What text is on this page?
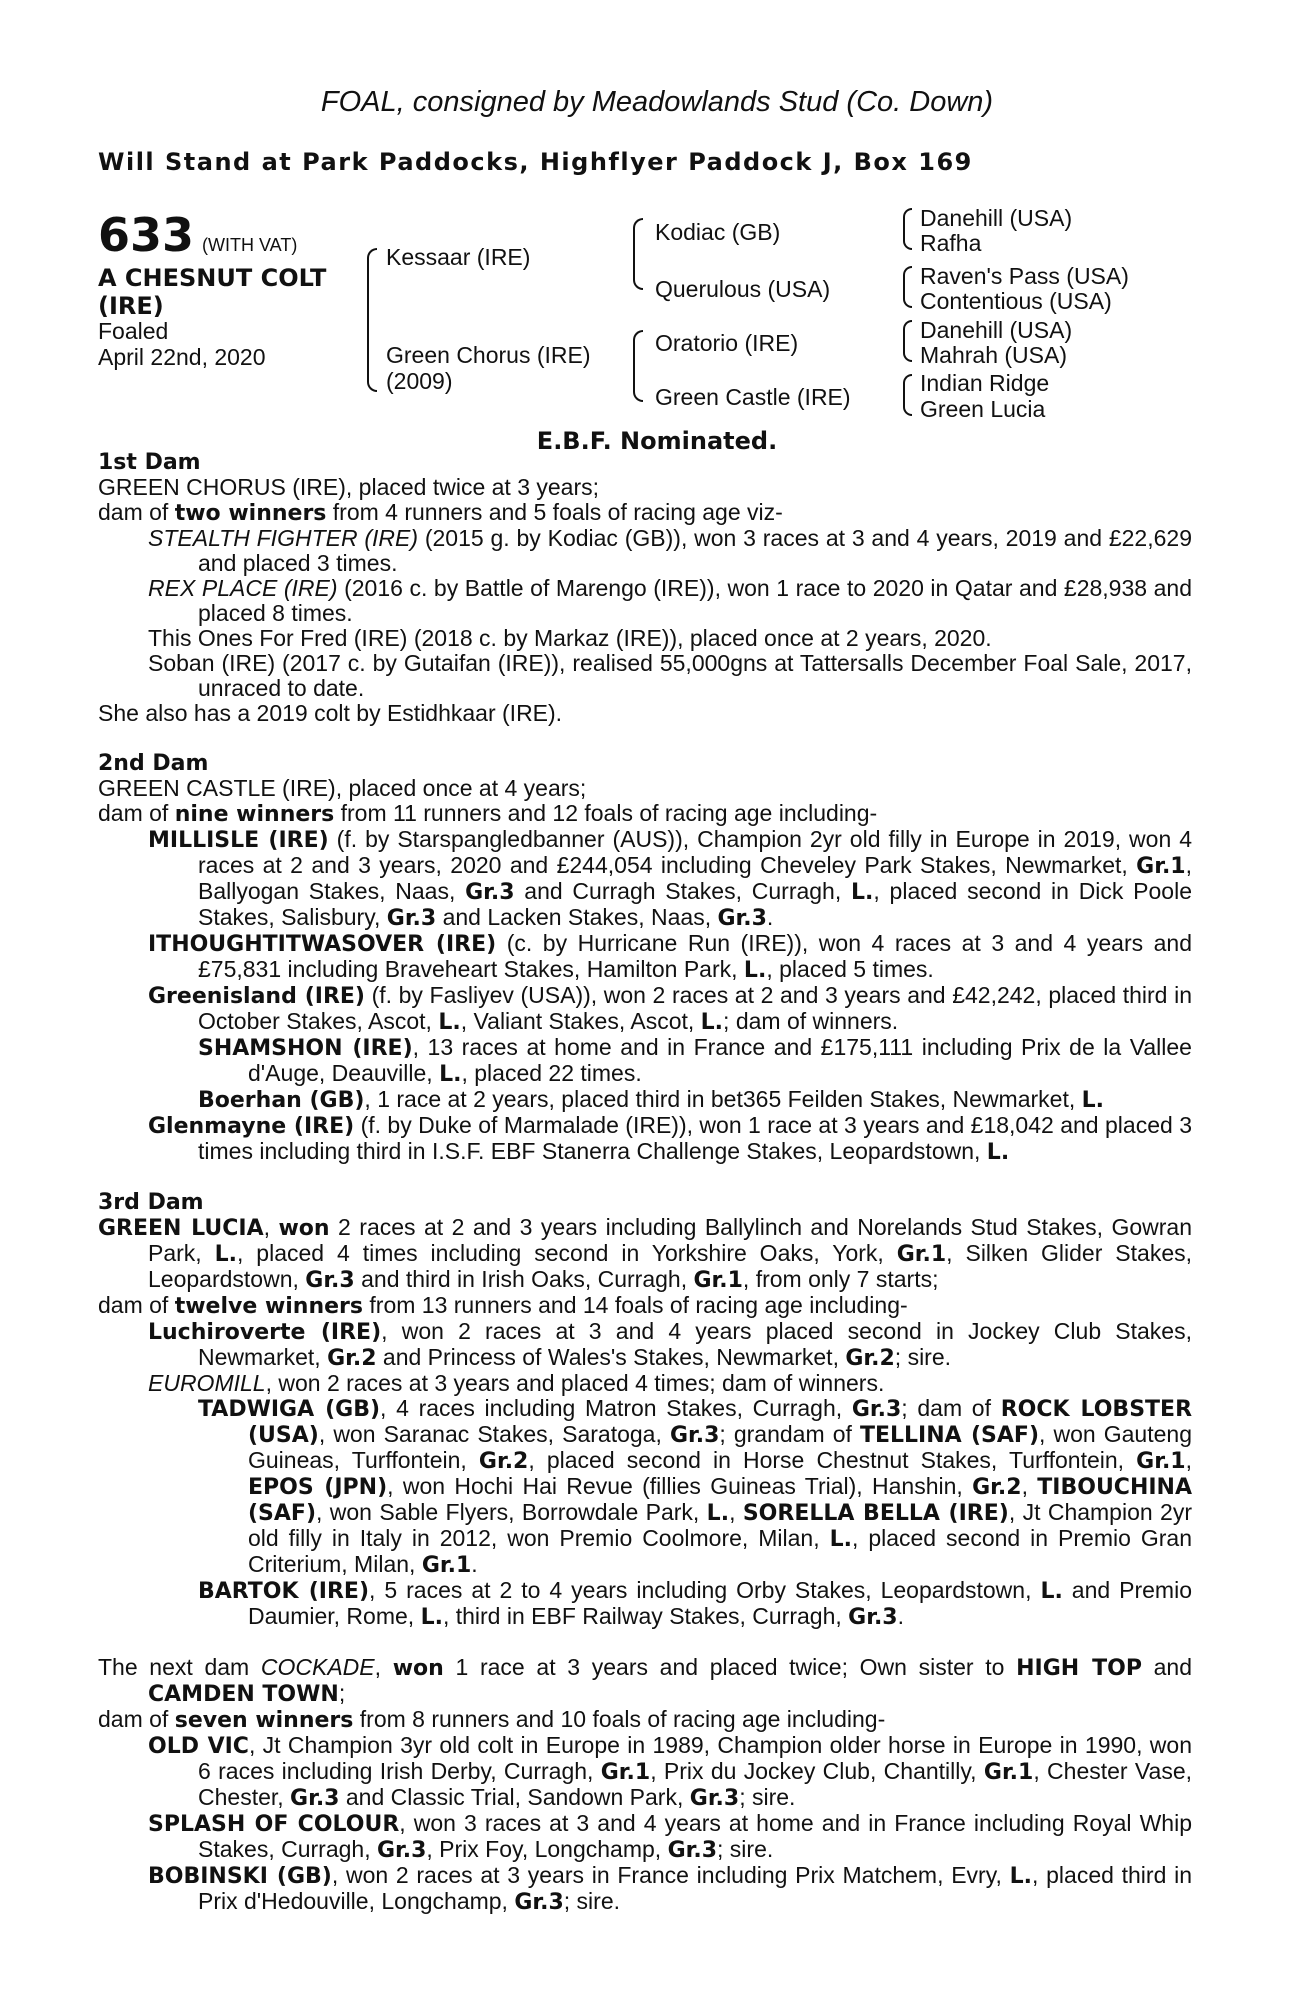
FOAL, consigned by Meadowlands Stud (Co. Down)
Will Stand at Park Paddocks, Highflyer Paddock J, Box 169
633 (WITH VAT)
A CHESNUT COLT
(IRE)
Foaled
April 22nd, 2020
Kessaar (IRE)
Green Chorus (IRE)
(2009)
Kodiac (GB)
Querulous (USA)
Oratorio (IRE)
Green Castle (IRE)
Danehill (USA)
Rafha
Raven's Pass (USA)
Contentious (USA)
Danehill (USA)
Mahrah (USA)
Indian Ridge
Green Lucia
E.B.F. Nominated.
1st Dam
GREEN CHORUS (IRE), placed twice at 3 years;
dam of two winners from 4 runners and 5 foals of racing age viz-
STEALTH FIGHTER (IRE) (2015 g. by Kodiac (GB)), won 3 races at 3 and 4 years, 2019 and £22,629 and placed 3 times.
REX PLACE (IRE) (2016 c. by Battle of Marengo (IRE)), won 1 race to 2020 in Qatar and £28,938 and placed 8 times.
This Ones For Fred (IRE) (2018 c. by Markaz (IRE)), placed once at 2 years, 2020.
Soban (IRE) (2017 c. by Gutaifan (IRE)), realised 55,000gns at Tattersalls December Foal Sale, 2017, unraced to date.
She also has a 2019 colt by Estidhkaar (IRE).
2nd Dam
GREEN CASTLE (IRE), placed once at 4 years;
dam of nine winners from 11 runners and 12 foals of racing age including-
MILLISLE (IRE) (f. by Starspangledbanner (AUS)), Champion 2yr old filly in Europe in 2019, won 4 races at 2 and 3 years, 2020 and £244,054 including Cheveley Park Stakes, Newmarket, Gr.1, Ballyogan Stakes, Naas, Gr.3 and Curragh Stakes, Curragh, L., placed second in Dick Poole Stakes, Salisbury, Gr.3 and Lacken Stakes, Naas, Gr.3.
ITHOUGHTITWASOVER (IRE) (c. by Hurricane Run (IRE)), won 4 races at 3 and 4 years and £75,831 including Braveheart Stakes, Hamilton Park, L., placed 5 times.
Greenisland (IRE) (f. by Fasliyev (USA)), won 2 races at 2 and 3 years and £42,242, placed third in October Stakes, Ascot, L., Valiant Stakes, Ascot, L.; dam of winners.
SHAMSHON (IRE), 13 races at home and in France and £175,111 including Prix de la Vallee d'Auge, Deauville, L., placed 22 times.
Boerhan (GB), 1 race at 2 years, placed third in bet365 Feilden Stakes, Newmarket, L.
Glenmayne (IRE) (f. by Duke of Marmalade (IRE)), won 1 race at 3 years and £18,042 and placed 3 times including third in I.S.F. EBF Stanerra Challenge Stakes, Leopardstown, L.
3rd Dam
GREEN LUCIA, won 2 races at 2 and 3 years including Ballylinch and Norelands Stud Stakes, Gowran Park, L., placed 4 times including second in Yorkshire Oaks, York, Gr.1, Silken Glider Stakes, Leopardstown, Gr.3 and third in Irish Oaks, Curragh, Gr.1, from only 7 starts;
dam of twelve winners from 13 runners and 14 foals of racing age including-
Luchiroverte (IRE), won 2 races at 3 and 4 years placed second in Jockey Club Stakes, Newmarket, Gr.2 and Princess of Wales's Stakes, Newmarket, Gr.2; sire.
EUROMILL, won 2 races at 3 years and placed 4 times; dam of winners.
TADWIGA (GB), 4 races including Matron Stakes, Curragh, Gr.3; dam of ROCK LOBSTER (USA), won Saranac Stakes, Saratoga, Gr.3; grandam of TELLINA (SAF), won Gauteng Guineas, Turffontein, Gr.2, placed second in Horse Chestnut Stakes, Turffontein, Gr.1, EPOS (JPN), won Hochi Hai Revue (fillies Guineas Trial), Hanshin, Gr.2, TIBOUCHINA (SAF), won Sable Flyers, Borrowdale Park, L., SORELLA BELLA (IRE), Jt Champion 2yr old filly in Italy in 2012, won Premio Coolmore, Milan, L., placed second in Premio Gran Criterium, Milan, Gr.1.
BARTOK (IRE), 5 races at 2 to 4 years including Orby Stakes, Leopardstown, L. and Premio Daumier, Rome, L., third in EBF Railway Stakes, Curragh, Gr.3.
The next dam COCKADE, won 1 race at 3 years and placed twice; Own sister to HIGH TOP and CAMDEN TOWN;
dam of seven winners from 8 runners and 10 foals of racing age including-
OLD VIC, Jt Champion 3yr old colt in Europe in 1989, Champion older horse in Europe in 1990, won 6 races including Irish Derby, Curragh, Gr.1, Prix du Jockey Club, Chantilly, Gr.1, Chester Vase, Chester, Gr.3 and Classic Trial, Sandown Park, Gr.3; sire.
SPLASH OF COLOUR, won 3 races at 3 and 4 years at home and in France including Royal Whip Stakes, Curragh, Gr.3, Prix Foy, Longchamp, Gr.3; sire.
BOBINSKI (GB), won 2 races at 3 years in France including Prix Matchem, Evry, L., placed third in Prix d'Hedouville, Longchamp, Gr.3; sire.
